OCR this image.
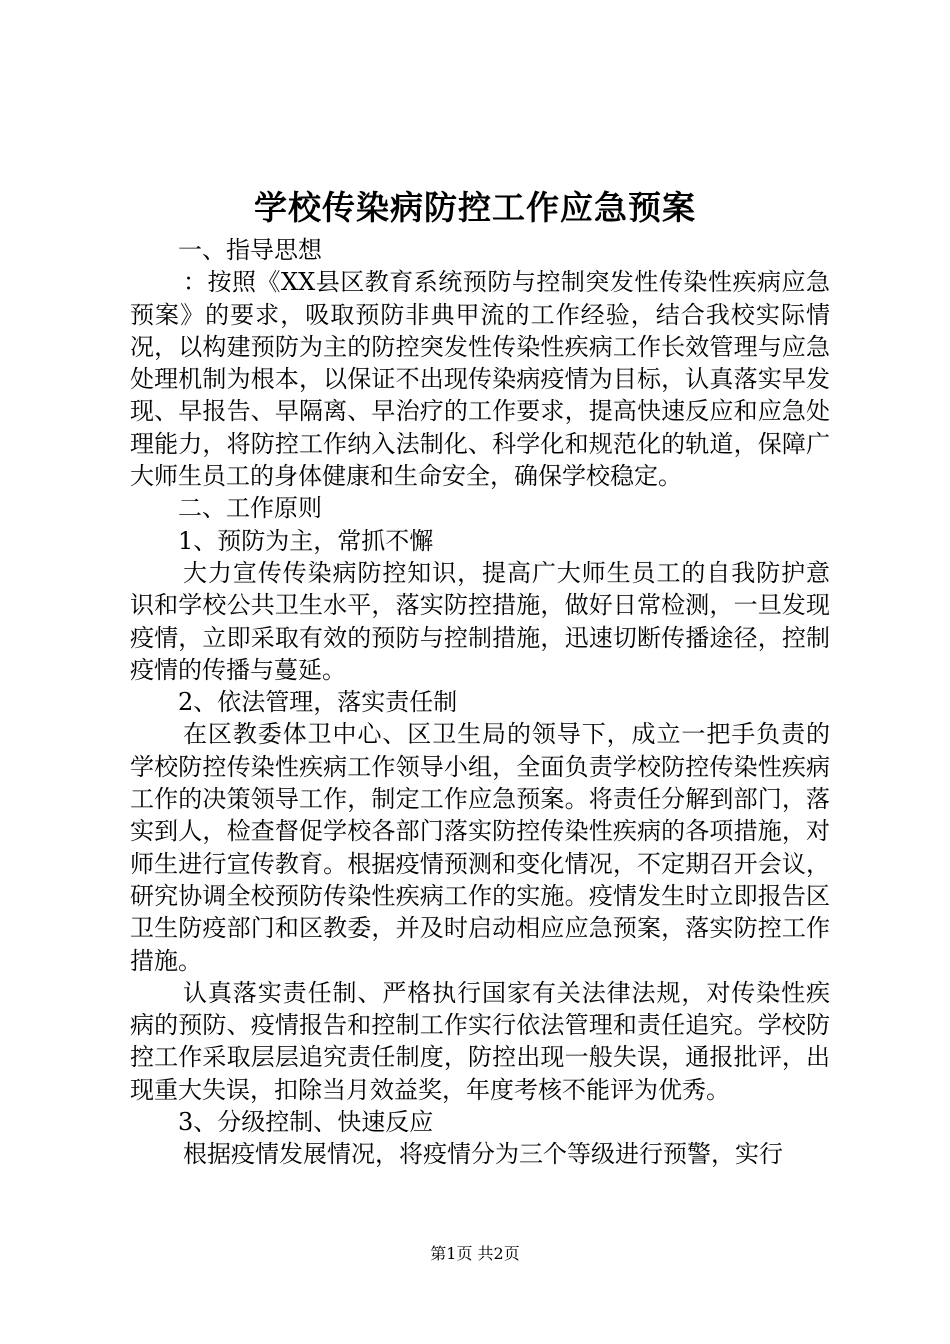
学校传染病防控工作应急预案

一、指导思想

：按照《XX县区教育系统预防与控制突发性传染性疾病应急预案》的要求，吸取预防非典甲流的工作经验，结合我校实际情况，以构建预防为主的防控突发性传染性疾病工作长效管理与应急处理机制为根本，以保证不出现传染病疫情为目标，认真落实早发现、早报告、早隔离、早治疗的工作要求，提高快速反应和应急处理能力，将防控工作纳入法制化、科学化和规范化的轨道，保障广大师生员工的身体健康和生命安全，确保学校稳定。

二、工作原则

1、预防为主，常抓不懈

大力宣传传染病防控知识，提高广大师生员工的自我防护意识和学校公共卫生水平，落实防控措施，做好日常检测，一旦发现疫情，立即采取有效的预防与控制措施，迅速切断传播途径，控制疫情的传播与蔓延。

2、依法管理，落实责任制

在区教委体卫中心、区卫生局的领导下，成立一把手负责的学校防控传染性疾病工作领导小组，全面负责学校防控传染性疾病工作的决策领导工作，制定工作应急预案。将责任分解到部门，落实到人，检查督促学校各部门落实防控传染性疾病的各项措施，对师生进行宣传教育。根据疫情预测和变化情况，不定期召开会议，研究协调全校预防传染性疾病工作的实施。疫情发生时立即报告区卫生防疫部门和区教委，并及时启动相应应急预案，落实防控工作措施。

认真落实责任制、严格执行国家有关法律法规，对传染性疾病的预防、疫情报告和控制工作实行依法管理和责任追究。学校防控工作采取层层追究责任制度，防控出现一般失误，通报批评，出现重大失误，扣除当月效益奖，年度考核不能评为优秀。

3、分级控制、快速反应

根据疫情发展情况，将疫情分为三个等级进行预警，实行

第1页 共2页
